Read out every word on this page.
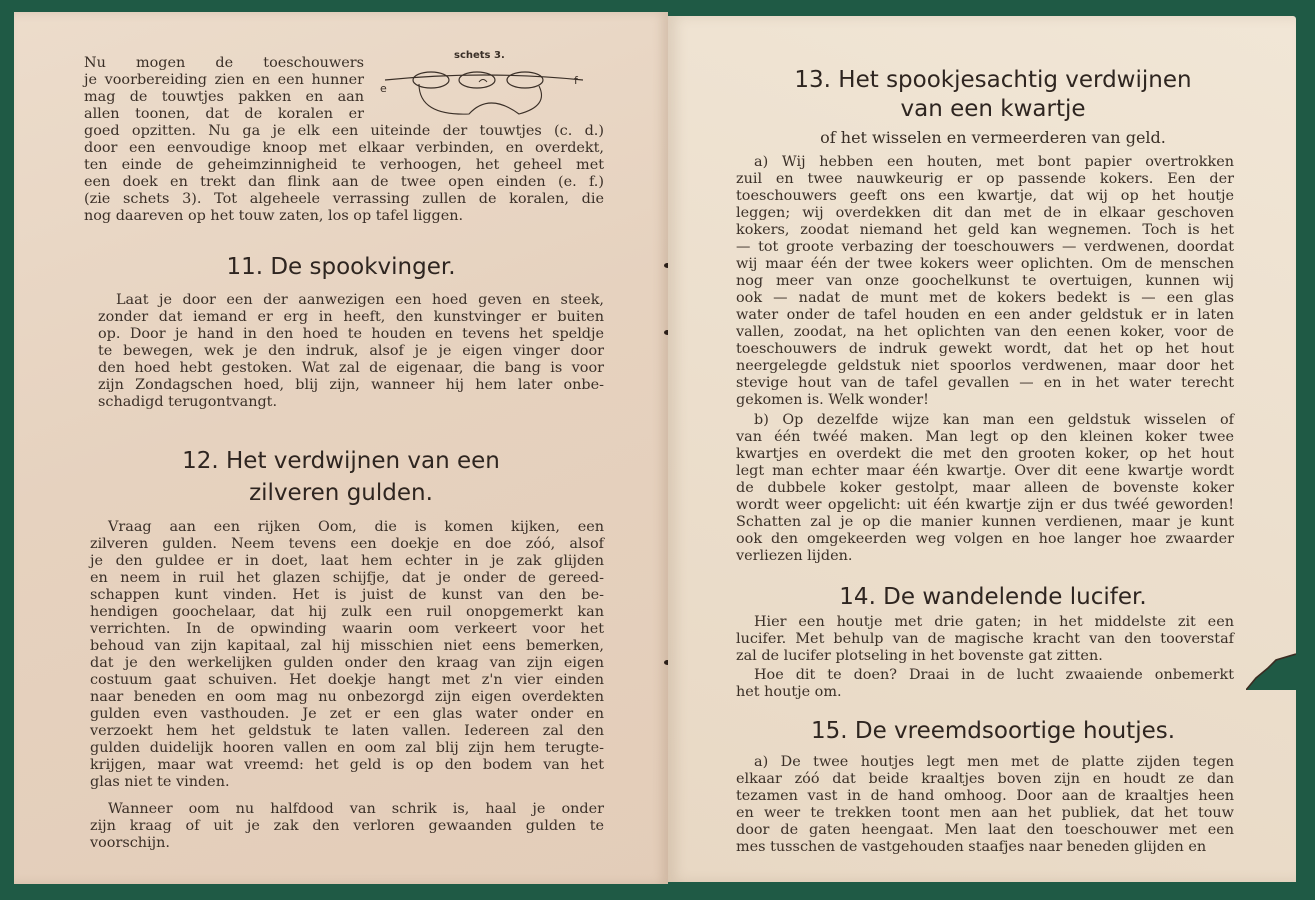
Nu mogen de toeschouwers
je voorbereiding zien en een hunner
mag de touwtjes pakken en aan
allen toonen, dat de koralen er
goed opzitten. Nu ga je elk een uiteinde der touwtjes (c. d.)
door een eenvoudige knoop met elkaar verbinden, en overdekt,
ten einde de geheimzinnigheid te verhoogen, het geheel met
een doek en trekt dan flink aan de twee open einden (e. f.)
(zie schets 3). Tot algeheele verrassing zullen de koralen, die
nog daareven op het touw zaten, los op tafel liggen.
schets 3.
e
f
11. De spookvinger.
Laat je door een der aanwezigen een hoed geven en steek,
zonder dat iemand er erg in heeft, den kunstvinger er buiten
op. Door je hand in den hoed te houden en tevens het speldje
te bewegen, wek je den indruk, alsof je je eigen vinger door
den hoed hebt gestoken. Wat zal de eigenaar, die bang is voor
zijn Zondagschen hoed, blij zijn, wanneer hij hem later onbe-
schadigd terugontvangt.
12. Het verdwijnen van een
zilveren gulden.
Vraag aan een rijken Oom, die is komen kijken, een
zilveren gulden. Neem tevens een doekje en doe zóó, alsof
je den guldee er in doet, laat hem echter in je zak glijden
en neem in ruil het glazen schijfje, dat je onder de gereed-
schappen kunt vinden. Het is juist de kunst van den be-
hendigen goochelaar, dat hij zulk een ruil onopgemerkt kan
verrichten. In de opwinding waarin oom verkeert voor het
behoud van zijn kapitaal, zal hij misschien niet eens bemerken,
dat je den werkelijken gulden onder den kraag van zijn eigen
costuum gaat schuiven. Het doekje hangt met z'n vier einden
naar beneden en oom mag nu onbezorgd zijn eigen overdekten
gulden even vasthouden. Je zet er een glas water onder en
verzoekt hem het geldstuk te laten vallen. Iedereen zal den
gulden duidelijk hooren vallen en oom zal blij zijn hem terugte-
krijgen, maar wat vreemd: het geld is op den bodem van het
glas niet te vinden.
Wanneer oom nu halfdood van schrik is, haal je onder
zijn kraag of uit je zak den verloren gewaanden gulden te
voorschijn.
13. Het spookjesachtig verdwijnen
van een kwartje

of het wisselen en vermeerderen van geld.

a) Wij hebben een houten, met bont papier overtrokken
zuil en twee nauwkeurig er op passende kokers. Een der
toeschouwers geeft ons een kwartje, dat wij op het houtje
leggen; wij overdekken dit dan met de in elkaar geschoven
kokers, zoodat niemand het geld kan wegnemen. Toch is het
— tot groote verbazing der toeschouwers — verdwenen, doordat
wij maar één der twee kokers weer oplichten. Om de menschen
nog meer van onze goochelkunst te overtuigen, kunnen wij
ook — nadat de munt met de kokers bedekt is — een glas
water onder de tafel houden en een ander geldstuk er in laten
vallen, zoodat, na het oplichten van den eenen koker, voor de
toeschouwers de indruk gewekt wordt, dat het op het hout
neergelegde geldstuk niet spoorlos verdwenen, maar door het
stevige hout van de tafel gevallen — en in het water terecht
gekomen is. Welk wonder!
b) Op dezelfde wijze kan man een geldstuk wisselen of
van één twéé maken. Man legt op den kleinen koker twee
kwartjes en overdekt die met den grooten koker, op het hout
legt man echter maar één kwartje. Over dit eene kwartje wordt
de dubbele koker gestolpt, maar alleen de bovenste koker
wordt weer opgelicht: uit één kwartje zijn er dus twéé geworden!
Schatten zal je op die manier kunnen verdienen, maar je kunt
ook den omgekeerden weg volgen en hoe langer hoe zwaarder
verliezen lijden.
14. De wandelende lucifer.
Hier een houtje met drie gaten; in het middelste zit een
lucifer. Met behulp van de magische kracht van den tooverstaf
zal de lucifer plotseling in het bovenste gat zitten.
Hoe dit te doen? Draai in de lucht zwaaiende onbemerkt
het houtje om.
15. De vreemdsoortige houtjes.
a) De twee houtjes legt men met de platte zijden tegen
elkaar zóó dat beide kraaltjes boven zijn en houdt ze dan
tezamen vast in de hand omhoog. Door aan de kraaltjes heen
en weer te trekken toont men aan het publiek, dat het touw
door de gaten heengaat. Men laat den toeschouwer met een
mes tusschen de vastgehouden staafjes naar beneden glijden en
